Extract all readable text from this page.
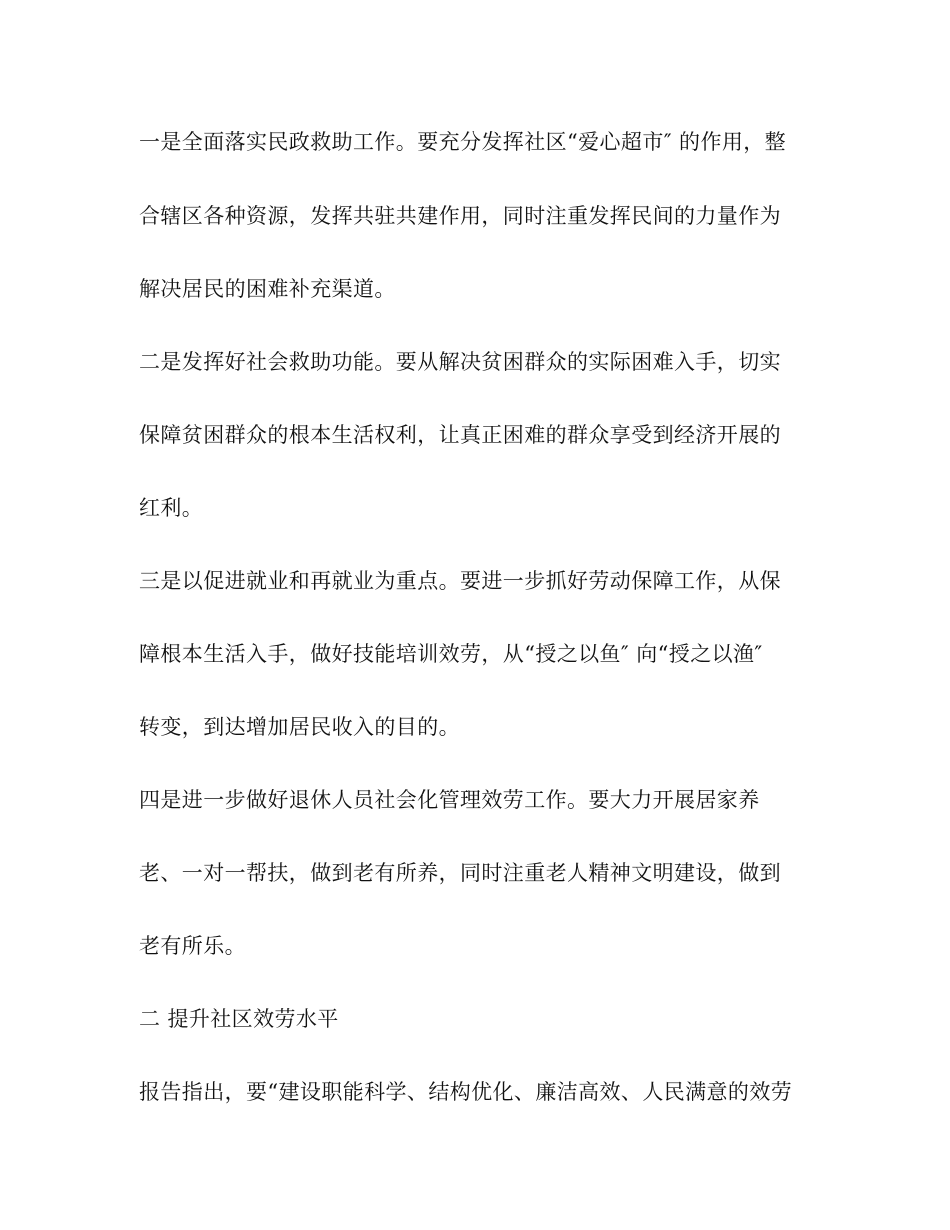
一是全面落实民政救助工作。要充分发挥社区“爱心超市″ 的作用，整
合辖区各种资源，发挥共驻共建作用，同时注重发挥民间的力量作为
解决居民的困难补充渠道。
二是发挥好社会救助功能。要从解决贫困群众的实际困难入手，切实
保障贫困群众的根本生活权利，让真正困难的群众享受到经济开展的
红利。
三是以促进就业和再就业为重点。要进一步抓好劳动保障工作，从保
障根本生活入手，做好技能培训效劳，从“授之以鱼″ 向“授之以渔″
转变，到达增加居民收入的目的。
四是进一步做好退休人员社会化管理效劳工作。要大力开展居家养
老、一对一帮扶，做到老有所养，同时注重老人精神文明建设，做到
老有所乐。
二 提升社区效劳水平
报告指出，要“建设职能科学、结构优化、廉洁高效、人民满意的效劳
